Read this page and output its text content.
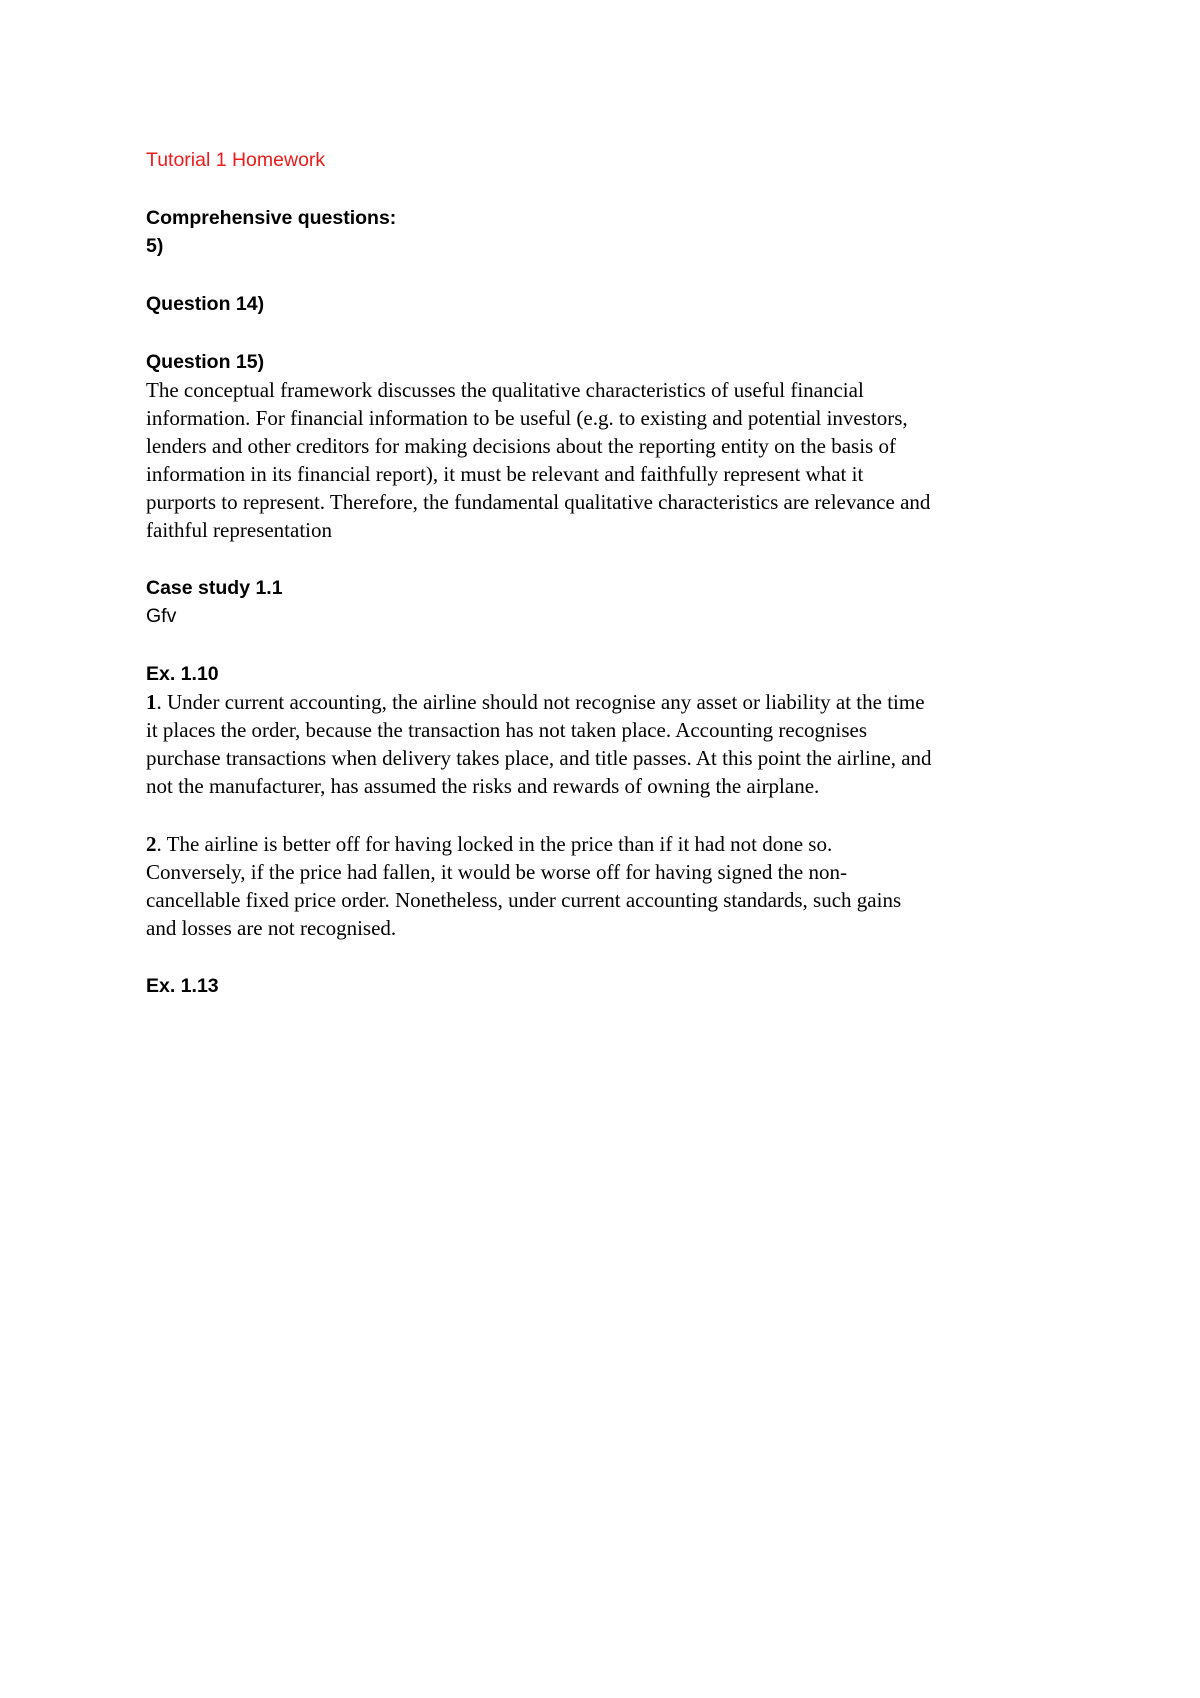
Tutorial 1 Homework
Comprehensive questions:
5)
Question 14)
Question 15)
The conceptual framework discusses the qualitative characteristics of useful financial
information. For financial information to be useful (e.g. to existing and potential investors,
lenders and other creditors for making decisions about the reporting entity on the basis of
information in its financial report), it must be relevant and faithfully represent what it
purports to represent. Therefore, the fundamental qualitative characteristics are relevance and
faithful representation
Case study 1.1
Gfv
Ex. 1.10
1. Under current accounting, the airline should not recognise any asset or liability at the time
it places the order, because the transaction has not taken place. Accounting recognises
purchase transactions when delivery takes place, and title passes. At this point the airline, and
not the manufacturer, has assumed the risks and rewards of owning the airplane.
2. The airline is better off for having locked in the price than if it had not done so.
Conversely, if the price had fallen, it would be worse off for having signed the non-
cancellable fixed price order. Nonetheless, under current accounting standards, such gains
and losses are not recognised.
Ex. 1.13
